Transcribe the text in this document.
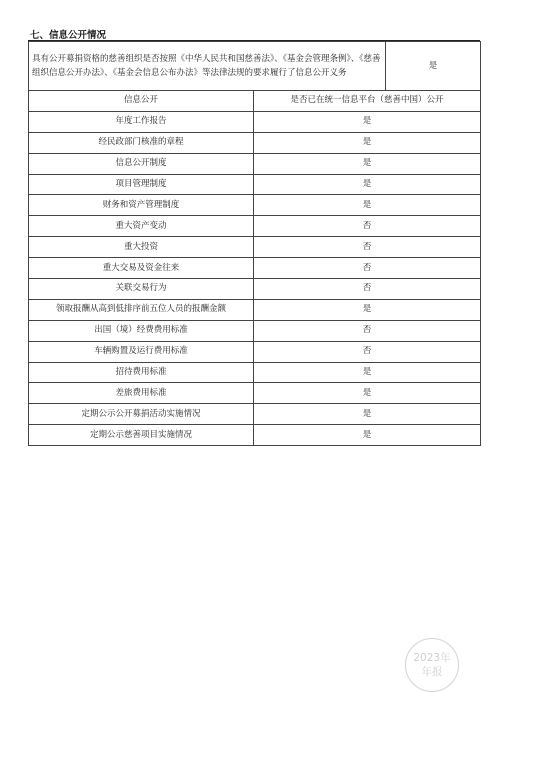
七、信息公开情况
具有公开募捐资格的慈善组织是否按照《中华人民共和国慈善法》、《基金会管理条例》、《慈善组织信息公开办法》、《基金会信息公布办法》等法律法规的要求履行了信息公开义务		是
信息公开	是否已在统一信息平台（慈善中国）公开	
年度工作报告	是	
经民政部门核准的章程	是	
信息公开制度	是	
项目管理制度	是	
财务和资产管理制度	是	
重大资产变动	否	
重大投资	否	
重大交易及资金往来	否	
关联交易行为	否	
领取报酬从高到低排序前五位人员的报酬金额	是	
出国（境）经费费用标准	否	
车辆购置及运行费用标准	否	
招待费用标准	是	
差旅费用标准	是	
定期公示公开募捐活动实施情况	是	
定期公示慈善项目实施情况	是	
2023年
年报
